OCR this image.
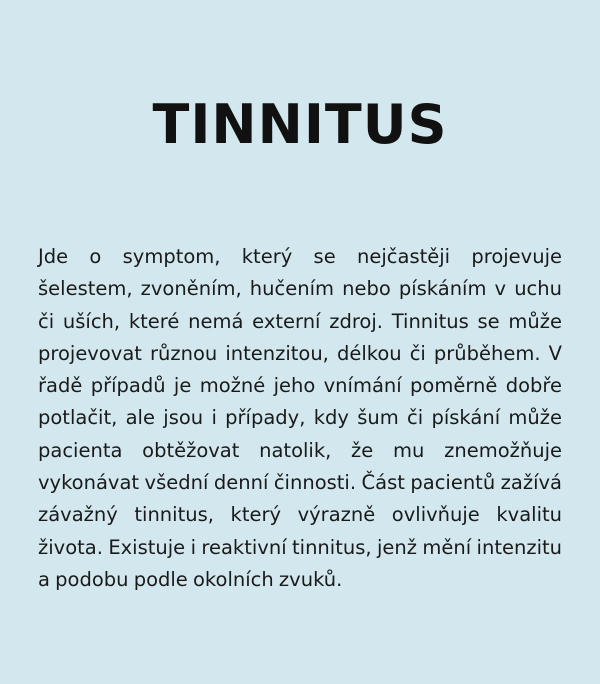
TINNITUS

Jde o symptom, který se nejčastěji projevuje šelestem, zvoněním, hučením nebo pískáním v uchu či uších, které nemá externí zdroj. Tinnitus se může projevovat různou intenzitou, délkou či průběhem. V řadě případů je možné jeho vnímání poměrně dobře potlačit, ale jsou i případy, kdy šum či pískání může pacienta obtěžovat natolik, že mu znemožňuje vykonávat všední denní činnosti. Část pacientů zažívá závažný tinnitus, který výrazně ovlivňuje kvalitu života. Existuje i reaktivní tinnitus, jenž mění intenzitu a podobu podle okolních zvuků.
